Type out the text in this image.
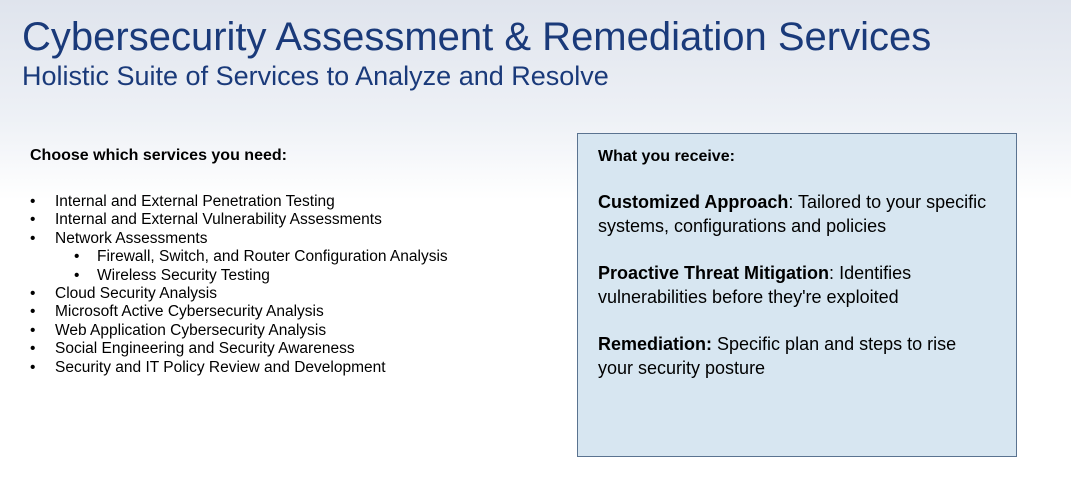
Cybersecurity Assessment & Remediation Services
Holistic Suite of Services to Analyze and Resolve
Choose which services you need:
• Internal and External Penetration Testing
• Internal and External Vulnerability Assessments
• Network Assessments
• Firewall, Switch, and Router Configuration Analysis
• Wireless Security Testing
• Cloud Security Analysis
• Microsoft Active Cybersecurity Analysis
• Web Application Cybersecurity Analysis
• Social Engineering and Security Awareness
• Security and IT Policy Review and Development
What you receive:

Customized Approach: Tailored to your specific systems, configurations and policies

Proactive Threat Mitigation: Identifies vulnerabilities before they're exploited

Remediation: Specific plan and steps to rise your security posture
